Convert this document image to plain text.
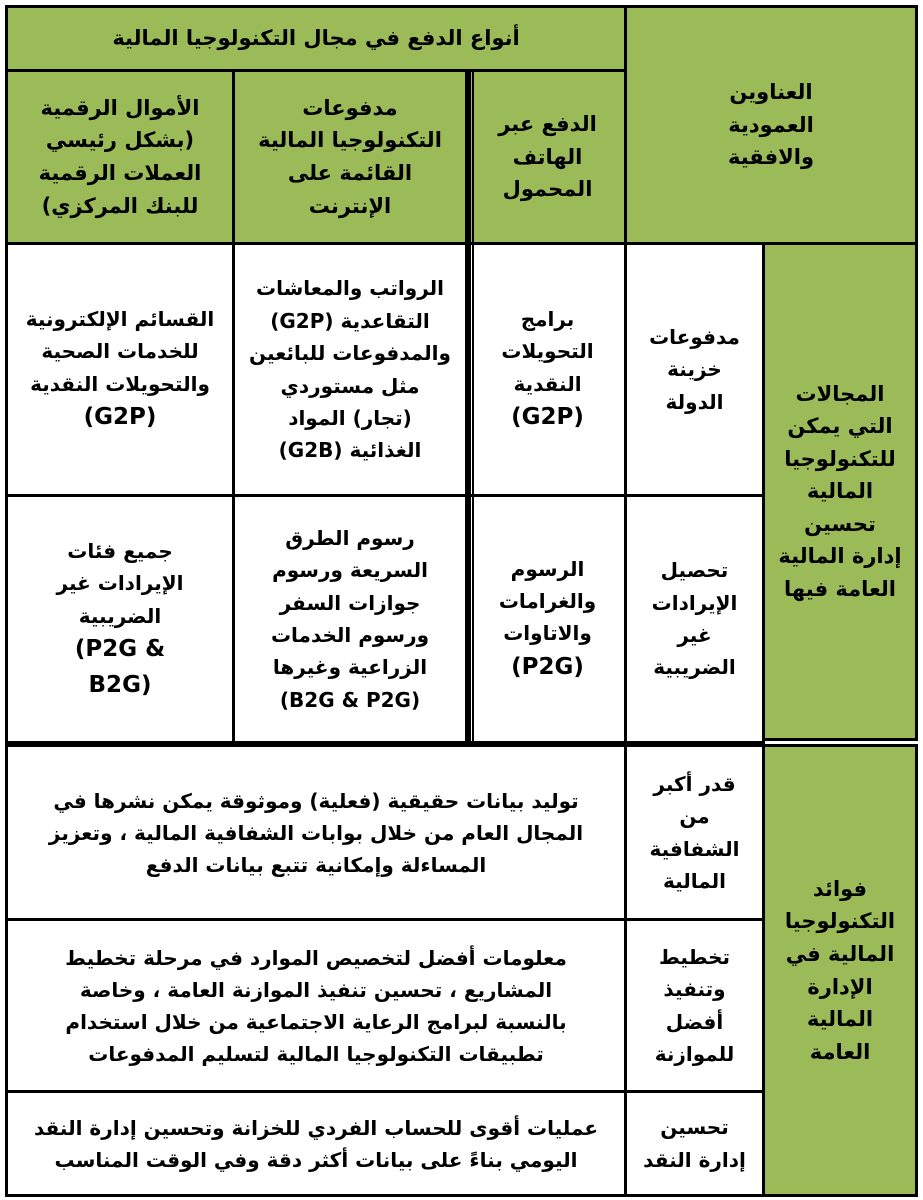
أنواع الدفع في مجال التكنولوجيا المالية
العناوين
العمودية
والافقية
الدفع عبر
الهاتف
المحمول
مدفوعات
التكنولوجيا المالية
القائمة على
الإنترنت
الأموال الرقمية
(بشكل رئيسي
العملات الرقمية
للبنك المركزي)
المجالات
التي يمكن
للتكنولوجيا
المالية
تحسين
إدارة المالية
العامة فيها
مدفوعات
خزينة
الدولة
برامج
التحويلات
النقدية
(G2P)
الرواتب والمعاشات
التقاعدية (G2P)
والمدفوعات للبائعين
مثل مستوردي
(تجار) المواد
الغذائية (G2B)
القسائم الإلكترونية
للخدمات الصحية
والتحويلات النقدية
(G2P)
تحصيل
الإيرادات
غير
الضريبية
الرسوم
والغرامات
والاتاوات
(P2G)
رسوم الطرق
السريعة ورسوم
جوازات السفر
ورسوم الخدمات
الزراعية وغيرها
(B2G & P2G)
جميع فئات
الإيرادات غير
الضريبية
& P2G)
(B2G
فوائد
التكنولوجيا
المالية في
الإدارة
المالية
العامة
قدر أكبر
من
الشفافية
المالية
توليد بيانات حقيقية (فعلية) وموثوقة يمكن نشرها في
المجال العام من خلال بوابات الشفافية المالية ، وتعزيز
المساءلة وإمكانية تتبع بيانات الدفع
تخطيط
وتنفيذ
أفضل
للموازنة
معلومات أفضل لتخصيص الموارد في مرحلة تخطيط
المشاريع ، تحسين تنفيذ الموازنة العامة ، وخاصة
بالنسبة لبرامج الرعاية الاجتماعية من خلال استخدام
تطبيقات التكنولوجيا المالية لتسليم المدفوعات
تحسين
إدارة النقد
عمليات أقوى للحساب الفردي للخزانة وتحسين إدارة النقد
اليومي بناءً على بيانات أكثر دقة وفي الوقت المناسب
